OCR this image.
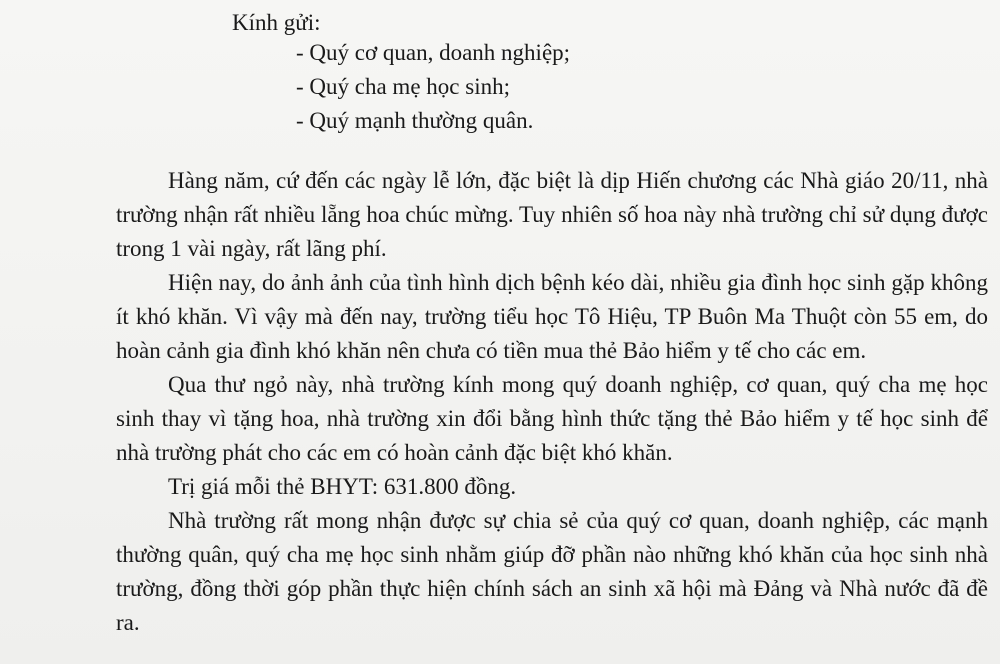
Kính gửi:
- Quý cơ quan, doanh nghiệp;
- Quý cha mẹ học sinh;
- Quý mạnh thường quân.

Hàng năm, cứ đến các ngày lễ lớn, đặc biệt là dịp Hiến chương các Nhà giáo 20/11, nhà trường nhận rất nhiều lẵng hoa chúc mừng. Tuy nhiên số hoa này nhà trường chỉ sử dụng được trong 1 vài ngày, rất lãng phí.

Hiện nay, do ảnh ảnh của tình hình dịch bệnh kéo dài, nhiều gia đình học sinh gặp không ít khó khăn. Vì vậy mà đến nay, trường tiểu học Tô Hiệu, TP Buôn Ma Thuột còn 55 em, do hoàn cảnh gia đình khó khăn nên chưa có tiền mua thẻ Bảo hiểm y tế cho các em.

Qua thư ngỏ này, nhà trường kính mong quý doanh nghiệp, cơ quan, quý cha mẹ học sinh thay vì tặng hoa, nhà trường xin đổi bằng hình thức tặng thẻ Bảo hiểm y tế học sinh để nhà trường phát cho các em có hoàn cảnh đặc biệt khó khăn.

Trị giá mỗi thẻ BHYT: 631.800 đồng.

Nhà trường rất mong nhận được sự chia sẻ của quý cơ quan, doanh nghiệp, các mạnh thường quân, quý cha mẹ học sinh nhằm giúp đỡ phần nào những khó khăn của học sinh nhà trường, đồng thời góp phần thực hiện chính sách an sinh xã hội mà Đảng và Nhà nước đã đề ra.
